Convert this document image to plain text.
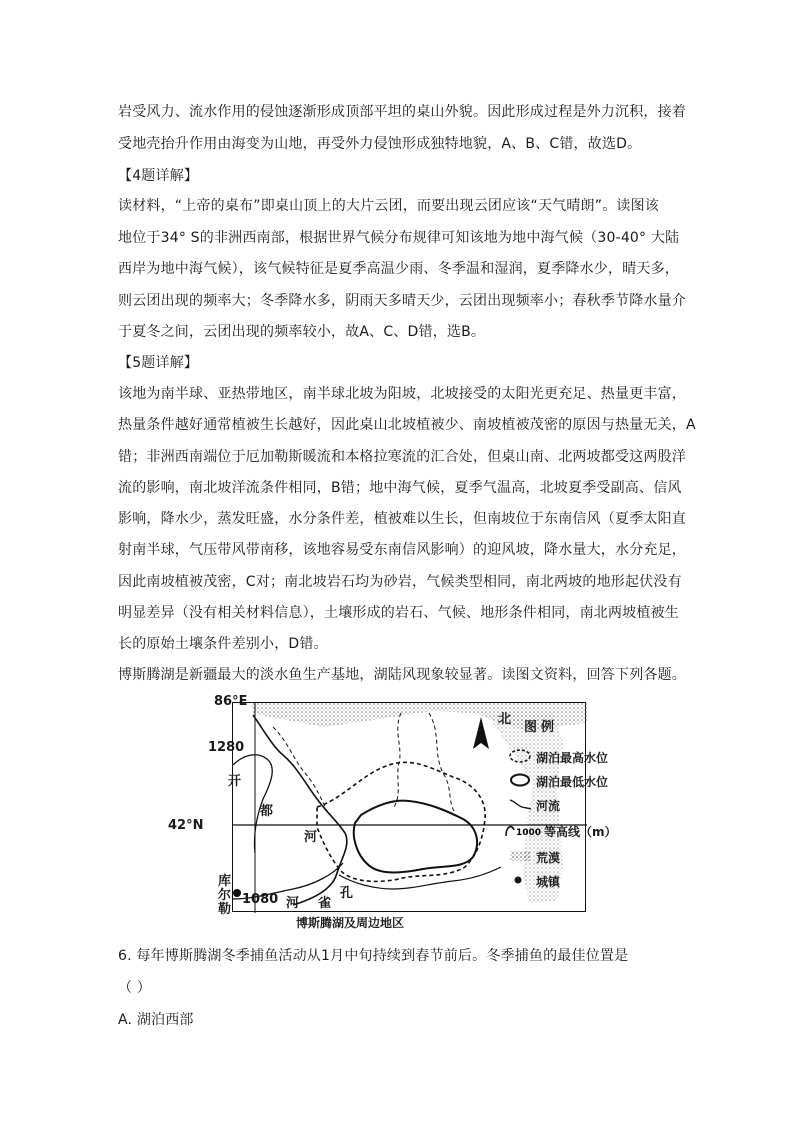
岩受风力、流水作用的侵蚀逐渐形成顶部平坦的桌山外貌。因此形成过程是外力沉积，接着
受地壳抬升作用由海变为山地，再受外力侵蚀形成独特地貌，A、B、C错，故选D。
【4题详解】
读材料，“上帝的桌布”即桌山顶上的大片云团，而要出现云团应该“天气晴朗”。读图该
地位于34° S的非洲西南部，根据世界气候分布规律可知该地为地中海气候（30-40° 大陆
西岸为地中海气候），该气候特征是夏季高温少雨、冬季温和湿润，夏季降水少，晴天多，
则云团出现的频率大；冬季降水多，阴雨天多晴天少，云团出现频率小；春秋季节降水量介
于夏冬之间，云团出现的频率较小，故A、C、D错，选B。
【5题详解】
该地为南半球、亚热带地区，南半球北坡为阳坡，北坡接受的太阳光更充足、热量更丰富，
热量条件越好通常植被生长越好，因此桌山北坡植被少、南坡植被茂密的原因与热量无关，A
错；非洲西南端位于厄加勒斯暖流和本格拉寒流的汇合处，但桌山南、北两坡都受这两股洋
流的影响，南北坡洋流条件相同，B错；地中海气候，夏季气温高，北坡夏季受副高、信风
影响，降水少，蒸发旺盛，水分条件差，植被难以生长，但南坡位于东南信风（夏季太阳直
射南半球，气压带风带南移，该地容易受东南信风影响）的迎风坡，降水量大，水分充足，
因此南坡植被茂密，C对；南北坡岩石均为砂岩，气候类型相同，南北两坡的地形起伏没有
明显差异（没有相关材料信息），土壤形成的岩石、气候、地形条件相同，南北两坡植被生
长的原始土壤条件差别小，D错。
博斯腾湖是新疆最大的淡水鱼生产基地，湖陆风现象较显著。读图文资料，回答下列各题。
86°E
1280
42°N
北
开
都
河
库
尔
勒
1080 河 雀
孔
博斯腾湖及周边地区
图例
湖泊最高水位
湖泊最低水位
河流
1000 等高线（m）
荒漠
城镇
6. 每年博斯腾湖冬季捕鱼活动从1月中旬持续到春节前后。冬季捕鱼的最佳位置是
（ ）
A. 湖泊西部
